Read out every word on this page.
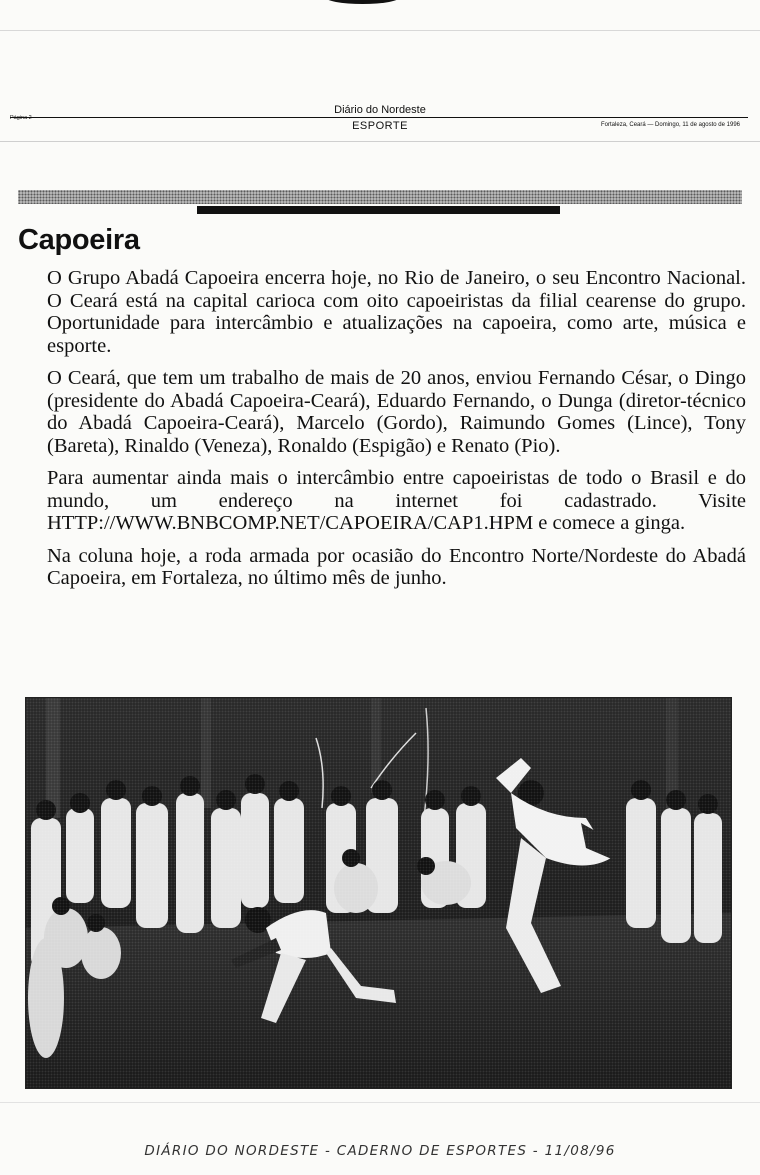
Diário do Nordeste
Página 2
ESPORTE	Fortaleza, Ceará — Domingo, 11 de agosto de 1996
Capoeira

O Grupo Abadá Capoeira encerra hoje, no Rio de Janeiro, o seu Encontro Nacional. O Ceará está na capital carioca com oito capoeiristas da filial cearense do grupo. Oportunidade para intercâmbio e atualizações na capoeira, como arte, música e esporte.

O Ceará, que tem um trabalho de mais de 20 anos, enviou Fernando César, o Dingo (presidente do Abadá Capoeira-Ceará), Eduardo Fernando, o Dunga (diretor-técnico do Abadá Capoeira-Ceará), Marcelo (Gordo), Raimundo Gomes (Lince), Tony (Bareta), Rinaldo (Veneza), Ronaldo (Espigão) e Renato (Pio).

Para aumentar ainda mais o intercâmbio entre capoeiristas de todo o Brasil e do mundo, um endereço na internet foi cadastrado. Visite HTTP://WWW.BNBCOMP.NET/CAPOEIRA/CAP1.HPM e comece a ginga.

Na coluna hoje, a roda armada por ocasião do Encontro Norte/Nordeste do Abadá Capoeira, em Fortaleza, no último mês de junho.

DIÁRIO DO NORDESTE - CADERNO DE ESPORTES - 11/08/96
